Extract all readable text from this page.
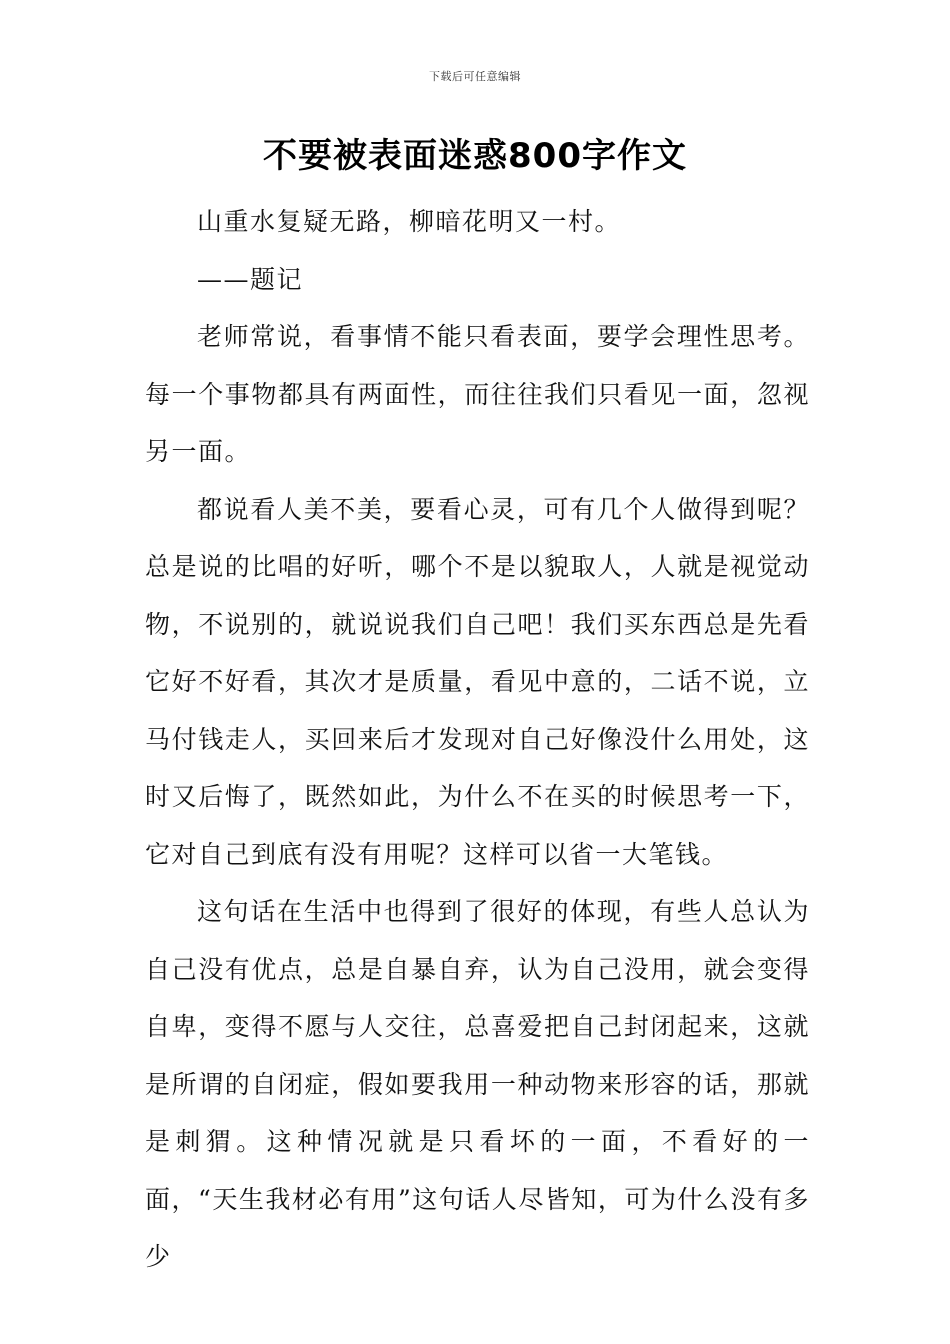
下载后可任意编辑
不要被表面迷惑800字作文

山重水复疑无路，柳暗花明又一村。

——题记

老师常说，看事情不能只看表面，要学会理性思考。每一个事物都具有两面性，而往往我们只看见一面，忽视另一面。

都说看人美不美，要看心灵，可有几个人做得到呢？总是说的比唱的好听，哪个不是以貌取人，人就是视觉动物，不说别的，就说说我们自己吧！我们买东西总是先看它好不好看，其次才是质量，看见中意的，二话不说，立马付钱走人，买回来后才发现对自己好像没什么用处，这时又后悔了，既然如此，为什么不在买的时候思考一下，它对自己到底有没有用呢？这样可以省一大笔钱。

这句话在生活中也得到了很好的体现，有些人总认为自己没有优点，总是自暴自弃，认为自己没用，就会变得自卑，变得不愿与人交往，总喜爱把自己封闭起来，这就是所谓的自闭症，假如要我用一种动物来形容的话，那就是刺猬。这种情况就是只看坏的一面，不看好的一面，“天生我材必有用”这句话人尽皆知，可为什么没有多少
